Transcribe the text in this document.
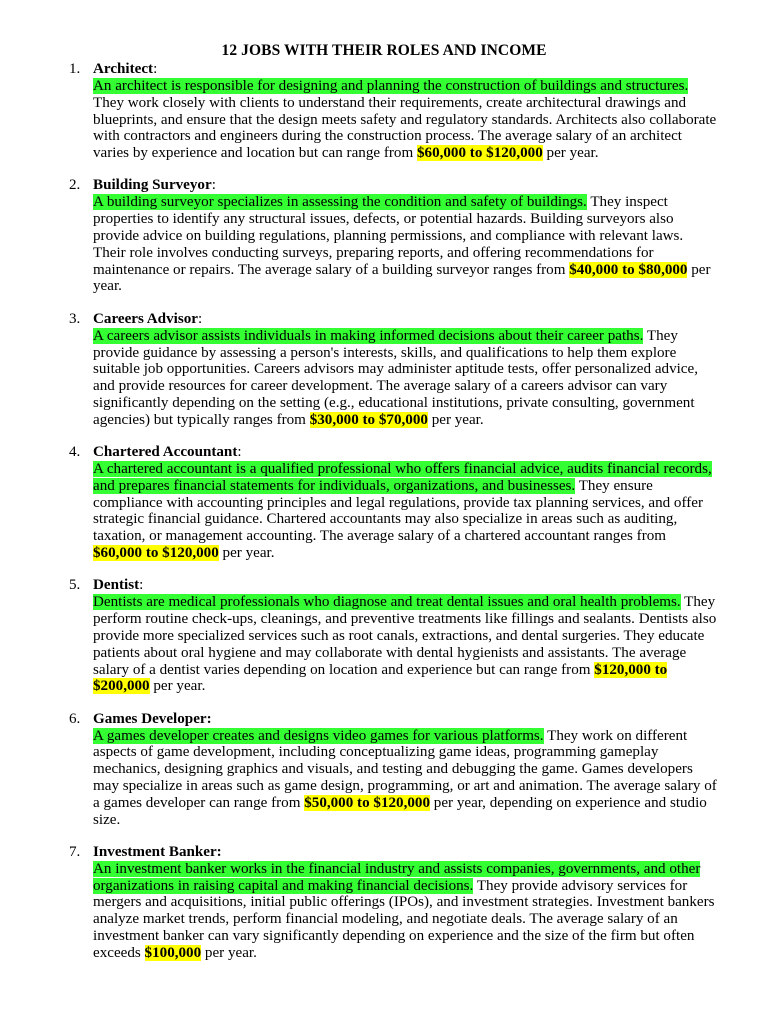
12 JOBS WITH THEIR ROLES AND INCOME
1. Architect:
An architect is responsible for designing and planning the construction of buildings and structures. They work closely with clients to understand their requirements, create architectural drawings and blueprints, and ensure that the design meets safety and regulatory standards. Architects also collaborate with contractors and engineers during the construction process. The average salary of an architect varies by experience and location but can range from $60,000 to $120,000 per year.
2. Building Surveyor:
A building surveyor specializes in assessing the condition and safety of buildings. They inspect properties to identify any structural issues, defects, or potential hazards. Building surveyors also provide advice on building regulations, planning permissions, and compliance with relevant laws. Their role involves conducting surveys, preparing reports, and offering recommendations for maintenance or repairs. The average salary of a building surveyor ranges from $40,000 to $80,000 per year.
3. Careers Advisor:
A careers advisor assists individuals in making informed decisions about their career paths. They provide guidance by assessing a person's interests, skills, and qualifications to help them explore suitable job opportunities. Careers advisors may administer aptitude tests, offer personalized advice, and provide resources for career development. The average salary of a careers advisor can vary significantly depending on the setting (e.g., educational institutions, private consulting, government agencies) but typically ranges from $30,000 to $70,000 per year.
4. Chartered Accountant:
A chartered accountant is a qualified professional who offers financial advice, audits financial records, and prepares financial statements for individuals, organizations, and businesses. They ensure compliance with accounting principles and legal regulations, provide tax planning services, and offer strategic financial guidance. Chartered accountants may also specialize in areas such as auditing, taxation, or management accounting. The average salary of a chartered accountant ranges from $60,000 to $120,000 per year.
5. Dentist:
Dentists are medical professionals who diagnose and treat dental issues and oral health problems. They perform routine check-ups, cleanings, and preventive treatments like fillings and sealants. Dentists also provide more specialized services such as root canals, extractions, and dental surgeries. They educate patients about oral hygiene and may collaborate with dental hygienists and assistants. The average salary of a dentist varies depending on location and experience but can range from $120,000 to $200,000 per year.
6. Games Developer:
A games developer creates and designs video games for various platforms. They work on different aspects of game development, including conceptualizing game ideas, programming gameplay mechanics, designing graphics and visuals, and testing and debugging the game. Games developers may specialize in areas such as game design, programming, or art and animation. The average salary of a games developer can range from $50,000 to $120,000 per year, depending on experience and studio size.
7. Investment Banker:
An investment banker works in the financial industry and assists companies, governments, and other organizations in raising capital and making financial decisions. They provide advisory services for mergers and acquisitions, initial public offerings (IPOs), and investment strategies. Investment bankers analyze market trends, perform financial modeling, and negotiate deals. The average salary of an investment banker can vary significantly depending on experience and the size of the firm but often exceeds $100,000 per year.
